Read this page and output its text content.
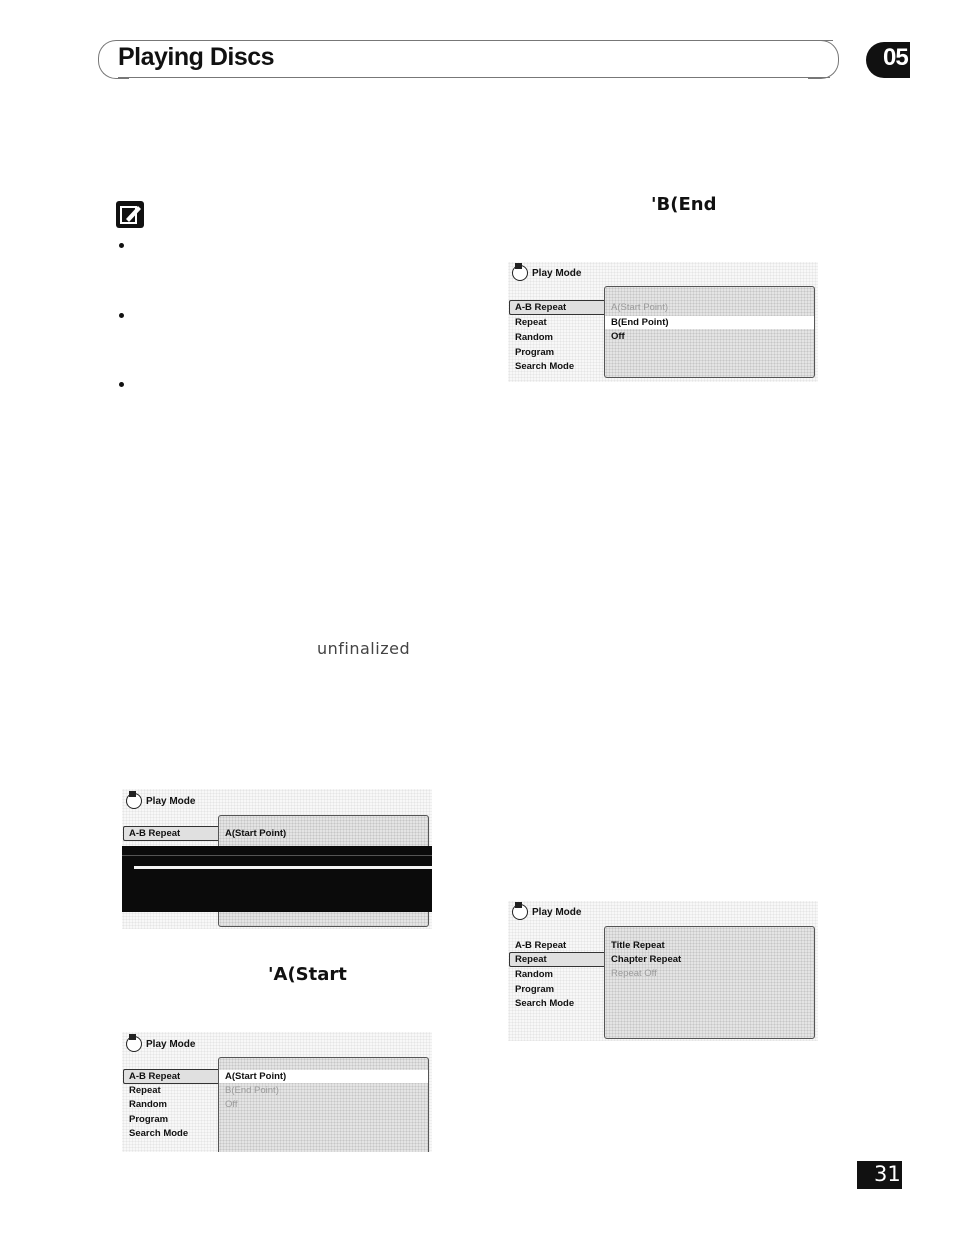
Playing Discs	05
'B(End
'A(Start
unfinalized
Play Mode
A-B Repeat
Repeat
Random
Program
Search Mode
A(Start Point)
B(End Point)
Off
Play Mode
A-B Repeat	A(Start Point)
Play Mode
A-B Repeat
Repeat
Random
Program
Search Mode
A(Start Point)
B(End Point)
Off
Play Mode
A-B Repeat
Repeat
Random
Program
Search Mode
Title Repeat
Chapter Repeat
Repeat Off
31
